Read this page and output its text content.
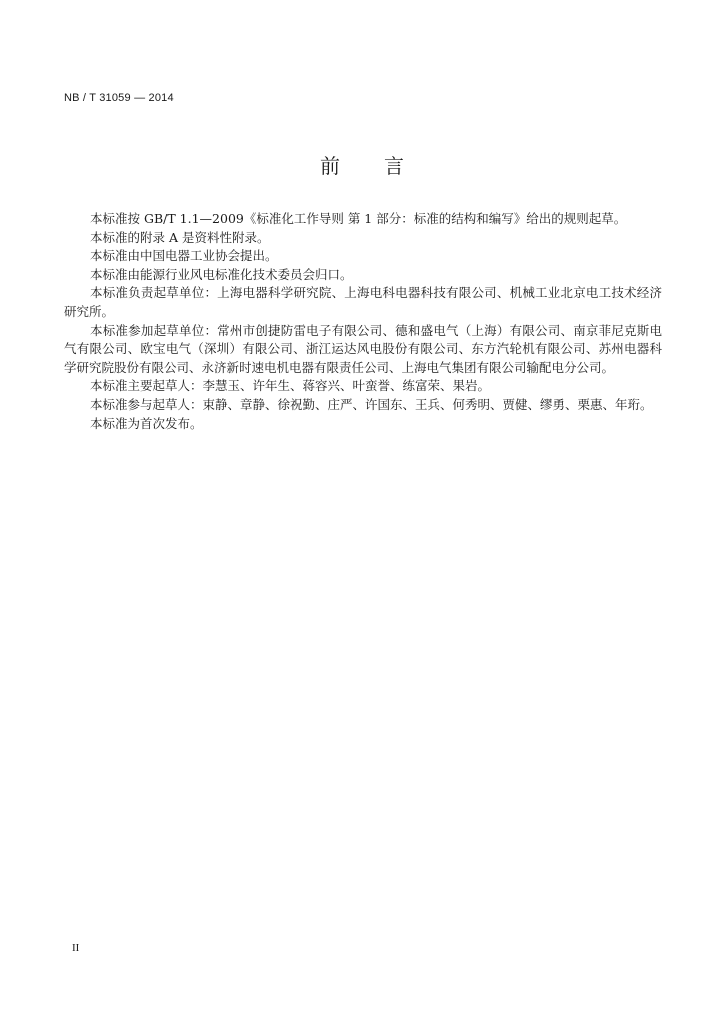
NB / T 31059 — 2014
前言

本标准按 GB/T 1.1—2009《标准化工作导则 第 1 部分：标准的结构和编写》给出的规则起草。

本标准的附录 A 是资料性附录。

本标准由中国电器工业协会提出。

本标准由能源行业风电标准化技术委员会归口。

本标准负责起草单位：上海电器科学研究院、上海电科电器科技有限公司、机械工业北京电工技术经济研究所。

本标准参加起草单位：常州市创捷防雷电子有限公司、德和盛电气（上海）有限公司、南京菲尼克斯电气有限公司、欧宝电气（深圳）有限公司、浙江运达风电股份有限公司、东方汽轮机有限公司、苏州电器科学研究院股份有限公司、永济新时速电机电器有限责任公司、上海电气集团有限公司输配电分公司。

本标准主要起草人：李慧玉、许年生、蒋容兴、叶蛮誉、练富荣、果岩。

本标准参与起草人：束静、章静、徐祝勤、庄严、许国东、王兵、何秀明、贾健、缪勇、栗惠、年珩。

本标准为首次发布。

II
